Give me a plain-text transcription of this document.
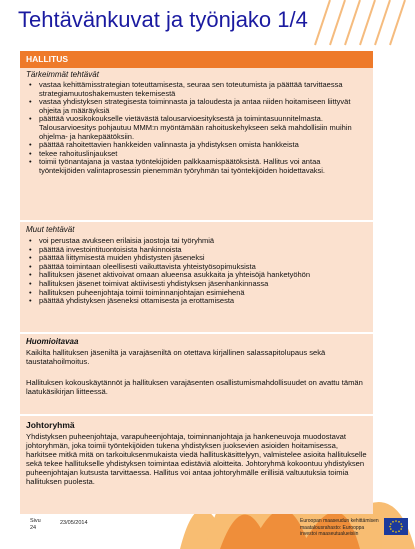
Tehtävänkuvat ja työnjako 1/4
HALLITUS
Tärkeimmät tehtävät
• vastaa kehittämisstrategian toteuttamisesta, seuraa sen toteutumista ja päättää tarvittaessa strategiamuutoshakemusten tekemisestä
• vastaa yhdistyksen strategisesta toiminnasta ja taloudesta ja antaa niiden hoitamiseen liittyvät ohjeita ja määräyksiä
• päättää vuosikokoukselle vietävästä talousarvioesityksestä ja toimintasuunnitelmasta. Talousarvioesitys pohjautuu MMM:n myöntämään rahoituskehykseen sekä mahdollisiin muihin ohjelma- ja hankepäätöksiin.
• päättää rahoitettavien hankkeiden valinnasta ja yhdistyksen omista hankkeista
• tekee rahoituslinjaukset
• toimii työnantajana ja vastaa työntekijöiden palkkaamispäätöksistä. Hallitus voi antaa työntekijöiden valintaprosessin pienemmän työryhmän tai työntekijöiden hoidettavaksi.
Muut tehtävät
• voi perustaa avukseen erilaisia jaostoja tai työryhmiä
• päättää investointituontoisista hankinnoista
• päättää liittymisestä muiden yhdistysten jäseneksi
• päättää toimintaan oleellisesti vaikuttavista yhteistyösopimuksista
• hallituksen jäsenet aktivoivat omaan alueensa asukkaita ja yhteisöjä hanketyöhön
• hallituksen jäsenet toimivat aktiivisesti yhdistyksen jäsenhankinnassa
• hallituksen puheenjohtaja toimii toiminnanjohtajan esimiehenä
• päättää yhdistyksen jäseneksi ottamisesta ja erottamisesta
Huomioitavaa
Kaikilta hallituksen jäseniltä ja varajäseniltä on otettava kirjallinen salassapitolupaus sekä taustatahoilmoitus.
Hallituksen kokouskäytännöt ja hallituksen varajäsenten osallistumismahdollisuudet on avattu tämän laatukäsikirjan liitteessä.
Johtoryhmä
Yhdistyksen puheenjohtaja, varapuheenjohtaja, toiminnanjohtaja ja hankeneuvoja muodostavat johtoryhmän, joka toimii työntekijöiden tukena yhdistyksen juoksevien asioiden hoitamisessa, harkitsee mitkä mitä on tarkoituksenmukaista viedä hallituskäsittelyyn, valmistelee asioita hallitukselle sekä tekee hallitukselle yhdistyksen toimintaa edistäviä aloitteita. Johtoryhmä kokoontuu yhdistyksen puheenjohtajan kutsusta tarvittaessa. Hallitus voi antaa johtoryhmälle erillisiä valtuutuksia toimia hallituksen puolesta.
Sivu
24
23/05/2014	Euroopan maaseudun kehittämisen maatalousrahasto: Eurooppa investoi maaseutualueisiin
